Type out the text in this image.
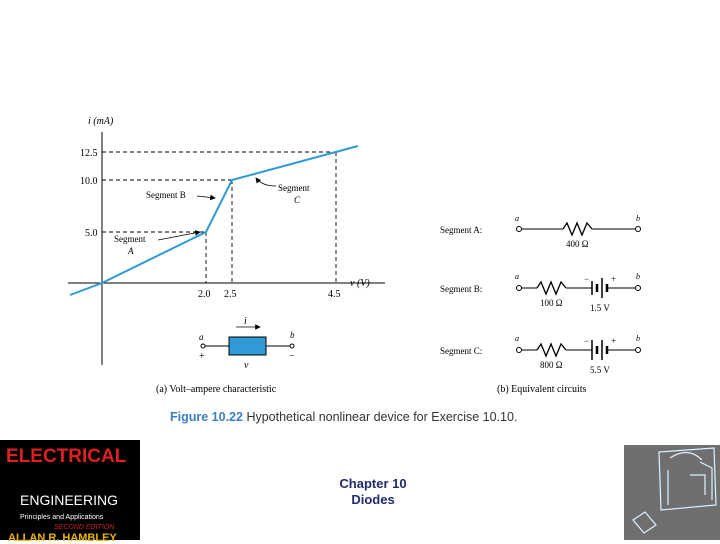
i (mA)
v (V)
12.5
10.0
5.0
2.0 2.5	4.5
Segment
A
Segment B
Segment
C
i
a	b
+	−
v
(a) Volt–ampere characteristic
Segment A:
a	b
400 Ω
Segment B:
a	b
− +
100 Ω	1.5 V
Segment C:
a	b
− +
800 Ω	5.5 V
(b) Equivalent circuits
Figure 10.22 Hypothetical nonlinear device for Exercise 10.10.
ELECTRICAL
ENGINEERING
Principles and Applications
SECOND EDITION
ALLAN R. HAMBLEY
Chapter 10
Diodes
